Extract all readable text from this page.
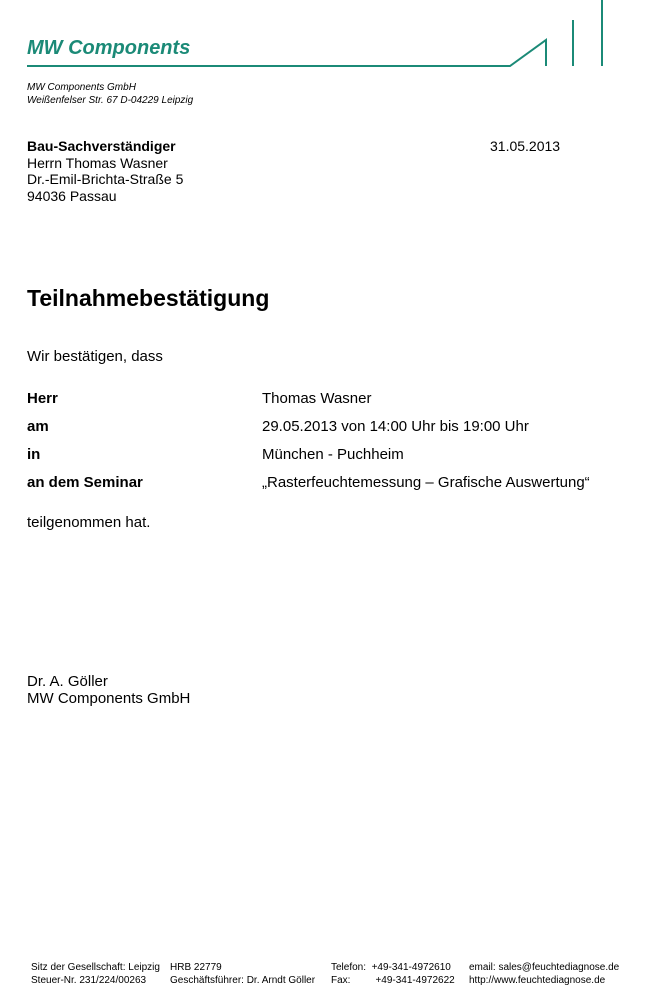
MW Components
MW Components GmbH
Weißenfelser Str. 67 D-04229 Leipzig
Bau-Sachverständiger
Herrn Thomas Wasner
Dr.-Emil-Brichta-Straße 5
94036 Passau
31.05.2013
Teilnahmebestätigung
Wir bestätigen, dass
Herr	Thomas Wasner
am	29.05.2013 von 14:00 Uhr bis 19:00 Uhr
in	München - Puchheim
an dem Seminar	„Rasterfeuchtemessung – Grafische Auswertung“
teilgenommen hat.
Dr. A. Göller
MW Components GmbH
Sitz der Gesellschaft: Leipzig
Steuer-Nr. 231/224/00263
HRB 22779
Geschäftsführer: Dr. Arndt Göller
Telefon:  +49-341-4972610
Fax:         +49-341-4972622
email: sales@feuchtediagnose.de
http://www.feuchtediagnose.de
